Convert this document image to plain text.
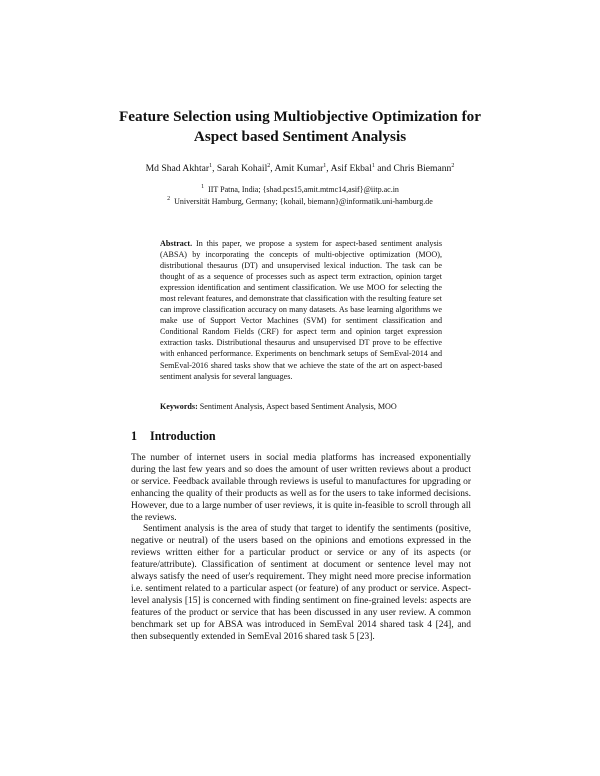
Feature Selection using Multiobjective Optimization for
Aspect based Sentiment Analysis
Md Shad Akhtar$^1$, Sarah Kohail$^2$, Amit Kumar$^1$, Asif Ekbal$^1$ and Chris Biemann$^2$
$^1$ IIT Patna, India; {shad.pcs15,amit.mtmc14,asif}@iitp.ac.in
$^2$ Universität Hamburg, Germany; {kohail, biemann}@informatik.uni-hamburg.de
Abstract. In this paper, we propose a system for aspect-based sentiment analysis (ABSA) by incorporating the concepts of multi-objective optimization (MOO), distributional thesaurus (DT) and unsupervised lexical induction. The task can be thought of as a sequence of processes such as aspect term extraction, opinion target expression identification and sentiment classification. We use MOO for selecting the most relevant features, and demonstrate that classification with the resulting feature set can improve classification accuracy on many datasets. As base learning algorithms we make use of Support Vector Machines (SVM) for sentiment classification and Conditional Random Fields (CRF) for aspect term and opinion target expression extraction tasks. Distributional thesaurus and unsupervised DT prove to be effective with enhanced performance. Experiments on benchmark setups of SemEval-2014 and SemEval-2016 shared tasks show that we achieve the state of the art on aspect-based sentiment analysis for several languages.
Keywords: Sentiment Analysis, Aspect based Sentiment Analysis, MOO
1 Introduction

The number of internet users in social media platforms has increased exponentially during the last few years and so does the amount of user written reviews about a product or service. Feedback available through reviews is useful to manufactures for upgrading or enhancing the quality of their products as well as for the users to take informed decisions. However, due to a large number of user reviews, it is quite in-feasible to scroll through all the reviews.

Sentiment analysis is the area of study that target to identify the sentiments (positive, negative or neutral) of the users based on the opinions and emotions expressed in the reviews written either for a particular product or service or any of its aspects (or feature/attribute). Classification of sentiment at document or sentence level may not always satisfy the need of user's requirement. They might need more precise information i.e. sentiment related to a particular aspect (or feature) of any product or service. Aspect-level analysis [15] is concerned with finding sentiment on fine-grained levels: aspects are features of the product or service that has been discussed in any user review. A common benchmark set up for ABSA was introduced in SemEval 2014 shared task 4 [24], and then subsequently extended in SemEval 2016 shared task 5 [23].
